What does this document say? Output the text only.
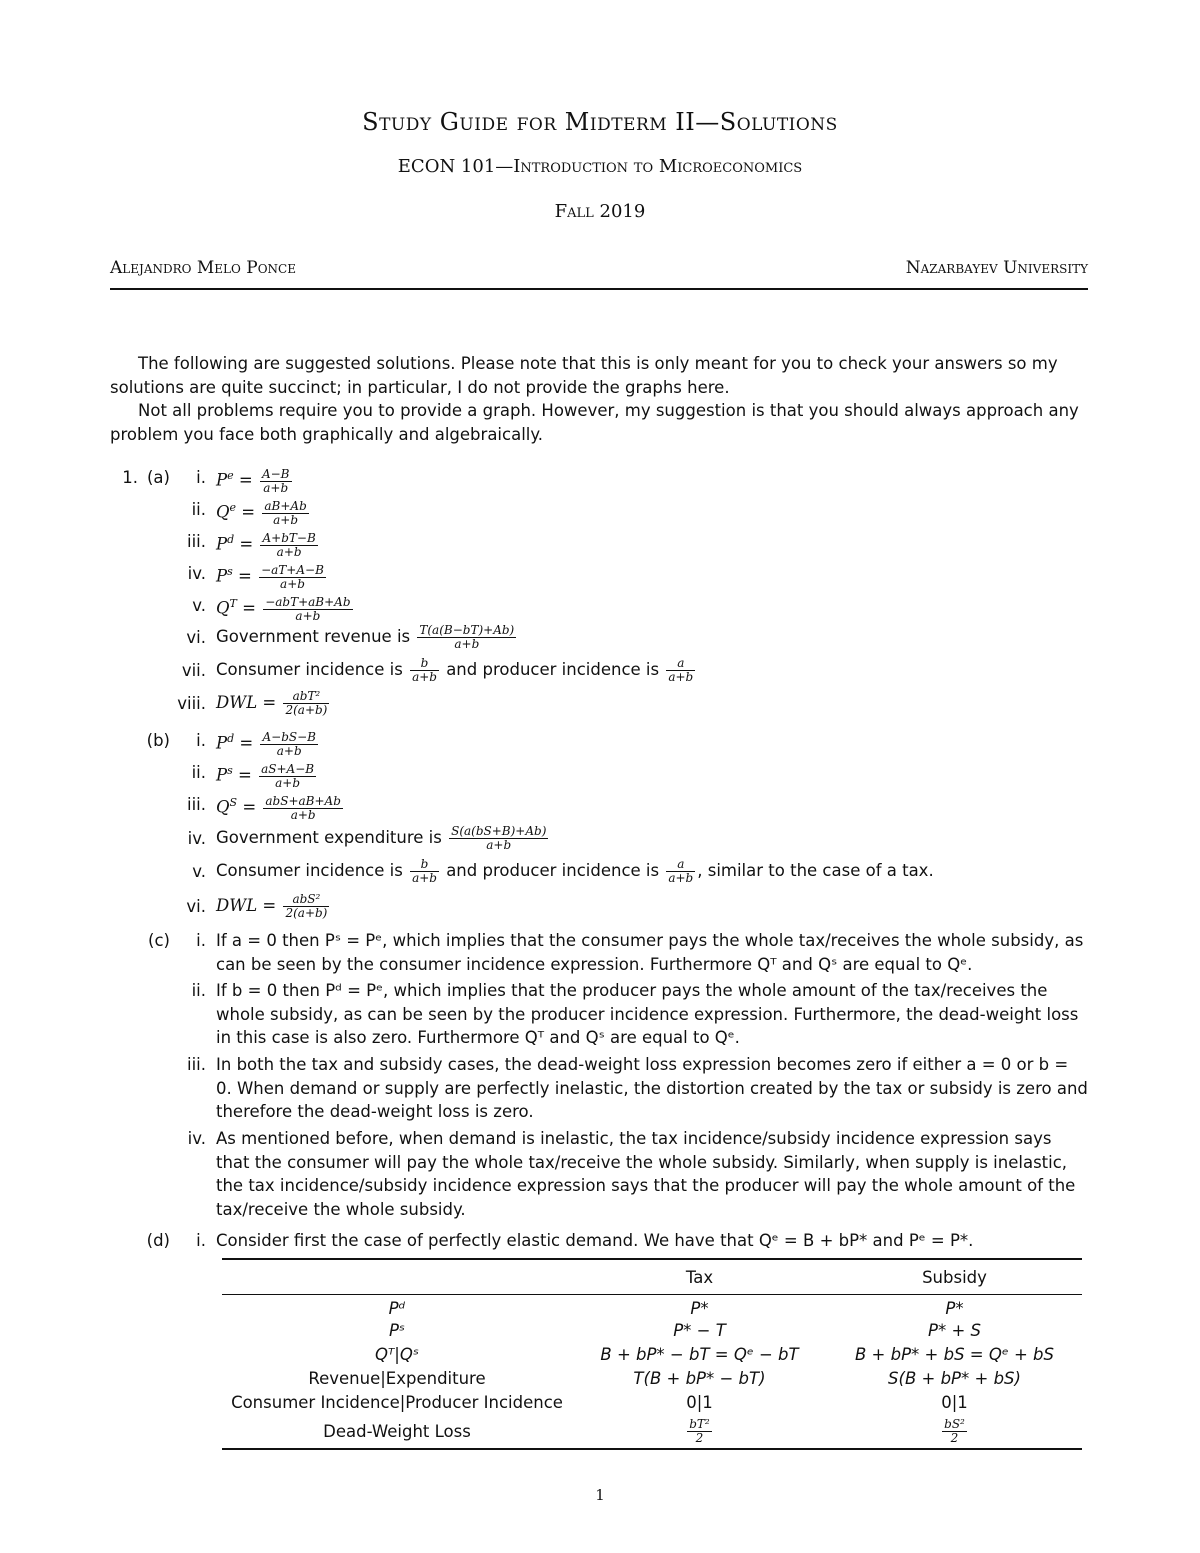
Study Guide for Midterm II—Solutions
ECON 101—Introduction to Microeconomics
Fall 2019
Alejandro Melo Ponce	Nazarbayev University
The following are suggested solutions. Please note that this is only meant for you to check your answers so my solutions are quite succinct; in particular, I do not provide the graphs here.
Not all problems require you to provide a graph. However, my suggestion is that you should always approach any problem you face both graphically and algebraically.
1. (a)	i. $P^e = \frac{A-B}{a+b}$
ii. $Q^e = \frac{aB+Ab}{a+b}$
iii. $P^d = \frac{A+bT-B}{a+b}$
iv. $P^s = \frac{-aT+A-B}{a+b}$
v. $Q^T = \frac{\text{−abT+aB+Ab}}{a+b}$
vi. Government revenue is $\frac{T(a(B-bT)+Ab)}{a+b}$
vii. Consumer incidence is $\frac{b}{a+b}$ and producer incidence is $\frac{a}{a+b}$
viii. DWL = $\frac{\text{abT²}}{2(a+b)}$
(b)	i. $P^d = \frac{A-bS-B}{a+b}$
ii. $P^s = \frac{aS+A-B}{a+b}$
iii. $Q^S = \frac{\text{abS+aB+Ab}}{a+b}$
iv. Government expenditure is $\frac{S(a(bS+B)+Ab)}{a+b}$
v. Consumer incidence is $\frac{b}{a+b}$ and producer incidence is $\frac{a}{a+b}$ , similar to the case of a tax.
vi. DWL = $\frac{\text{abS²}}{2(a+b)}$
(c)	i. If a = 0 then Pˢ = Pᵉ, which implies that the consumer pays the whole tax/receives the whole subsidy, as can be seen by the consumer incidence expression. Furthermore Qᵀ and Qˢ are equal to Qᵉ.
ii. If b = 0 then Pᵈ = Pᵉ, which implies that the producer pays the whole amount of the tax/receives the whole subsidy, as can be seen by the producer incidence expression. Furthermore, the dead-weight loss in this case is also zero. Furthermore Qᵀ and Qˢ are equal to Qᵉ.
iii. In both the tax and subsidy cases, the dead-weight loss expression becomes zero if either a = 0 or b = 0. When demand or supply are perfectly inelastic, the distortion created by the tax or subsidy is zero and therefore the dead-weight loss is zero.
iv. As mentioned before, when demand is inelastic, the tax incidence/subsidy incidence expression says that the consumer will pay the whole tax/receive the whole subsidy. Similarly, when supply is inelastic, the tax incidence/subsidy incidence expression says that the producer will pay the whole amount of the tax/receive the whole subsidy.
(d)	i. Consider first the case of perfectly elastic demand. We have that Qᵉ = B + bP* and Pᵉ = P*.
	Tax	Subsidy
Pᵈ	P*	P*
Pˢ	P* − T	P* + S
Qᵀ|Qˢ	B + bP* − bT = Qᵉ − bT	B + bP* + bS = Qᵉ + bS
Revenue|Expenditure	T(B + bP* − bT)	S(B + bP* + bS)
Consumer Incidence|Producer Incidence	0|1	0|1
Dead-Weight Loss	$\frac{\text{bT²}}{2}$	$\frac{\text{bS²}}{2}$
1
